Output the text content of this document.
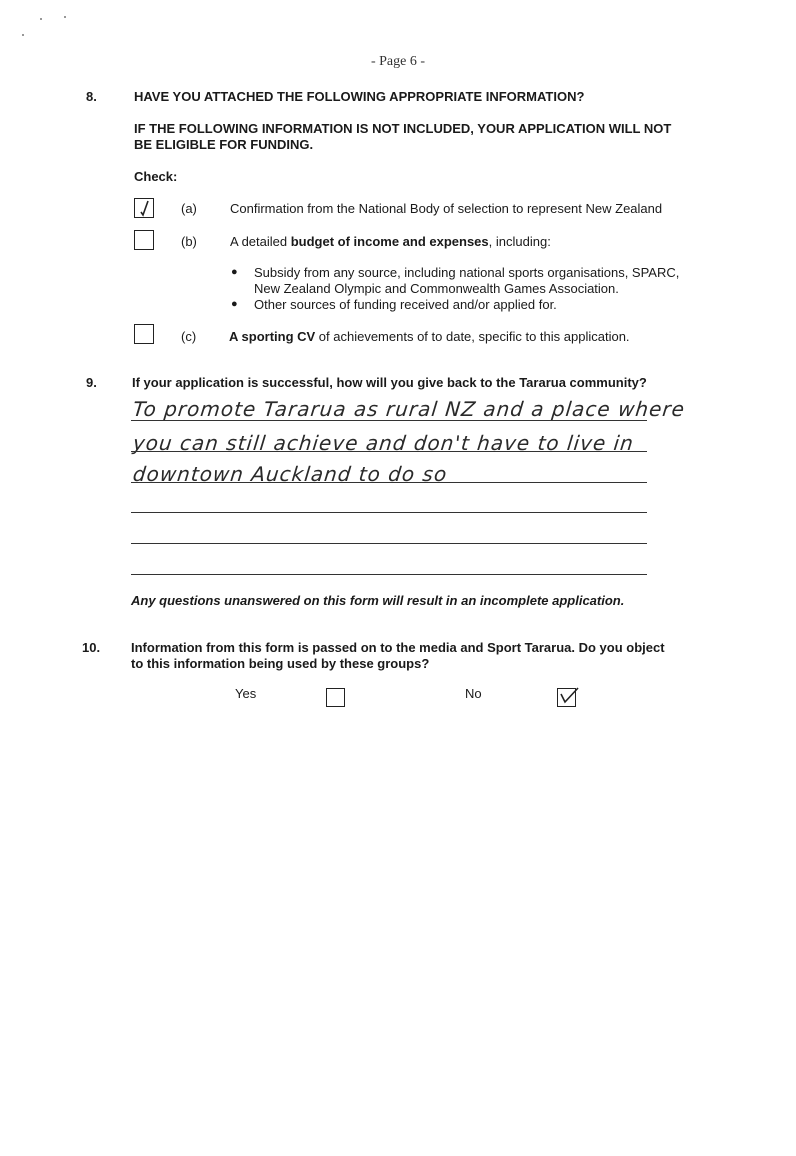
- Page 6 -
8.	HAVE YOU ATTACHED THE FOLLOWING APPROPRIATE INFORMATION?
IF THE FOLLOWING INFORMATION IS NOT INCLUDED, YOUR APPLICATION WILL NOT
BE ELIGIBLE FOR FUNDING.
Check:
(a)	Confirmation from the National Body of selection to represent New Zealand
(b)	A detailed budget of income and expenses, including:
● Subsidy from any source, including national sports organisations, SPARC,
New Zealand Olympic and Commonwealth Games Association.
● Other sources of funding received and/or applied for.
(c)	A sporting CV of achievements of to date, specific to this application.
9.	If your application is successful, how will you give back to the Tararua community?
To promote Tararua as rural NZ and a place where
you can still achieve and don't have to live in
downtown Auckland to do so
Any questions unanswered on this form will result in an incomplete application.
10. Information from this form is passed on to the media and Sport Tararua. Do you object
to this information being used by these groups?
Yes	No
